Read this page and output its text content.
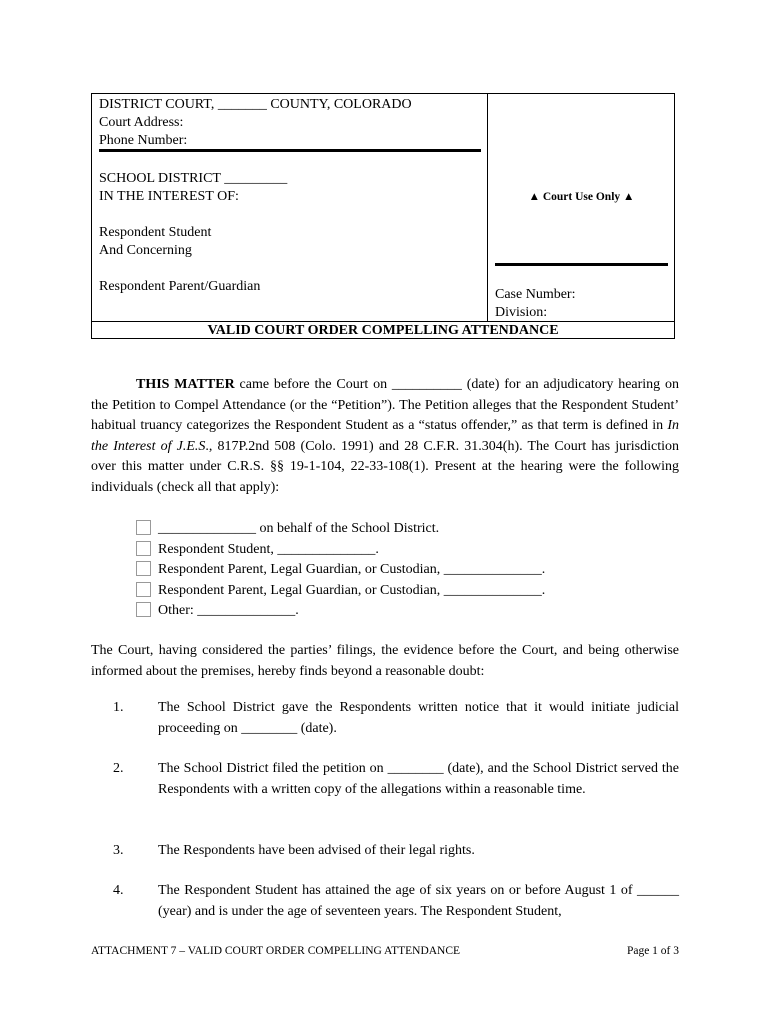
DISTRICT COURT, _______ COUNTY, COLORADO
Court Address:
Phone Number:
SCHOOL DISTRICT _________
IN THE INTEREST OF:
Respondent Student
And Concerning
Respondent Parent/Guardian
▲ Court Use Only ▲
Case Number:
Division:
VALID COURT ORDER COMPELLING ATTENDANCE
THIS MATTER came before the Court on __________ (date) for an adjudicatory hearing on the Petition to Compel Attendance (or the “Petition”). The Petition alleges that the Respondent Student’ habitual truancy categorizes the Respondent Student as a “status offender,” as that term is defined in In the Interest of J.E.S., 817P.2nd 508 (Colo. 1991) and 28 C.F.R. 31.304(h). The Court has jurisdiction over this matter under C.R.S. §§ 19-1-104, 22-33-108(1). Present at the hearing were the following individuals (check all that apply):
______________ on behalf of the School District.
Respondent Student, ______________.
Respondent Parent, Legal Guardian, or Custodian, ______________.
Respondent Parent, Legal Guardian, or Custodian, ______________.
Other: ______________.
The Court, having considered the parties’ filings, the evidence before the Court, and being otherwise informed about the premises, hereby finds beyond a reasonable doubt:
1. The School District gave the Respondents written notice that it would initiate judicial proceeding on ________ (date).
2. The School District filed the petition on ________ (date), and the School District served the Respondents with a written copy of the allegations within a reasonable time.
3. The Respondents have been advised of their legal rights.
4. The Respondent Student has attained the age of six years on or before August 1 of ______ (year) and is under the age of seventeen years. The Respondent Student,
ATTACHMENT 7 – VALID COURT ORDER COMPELLING ATTENDANCE	Page 1 of 3
